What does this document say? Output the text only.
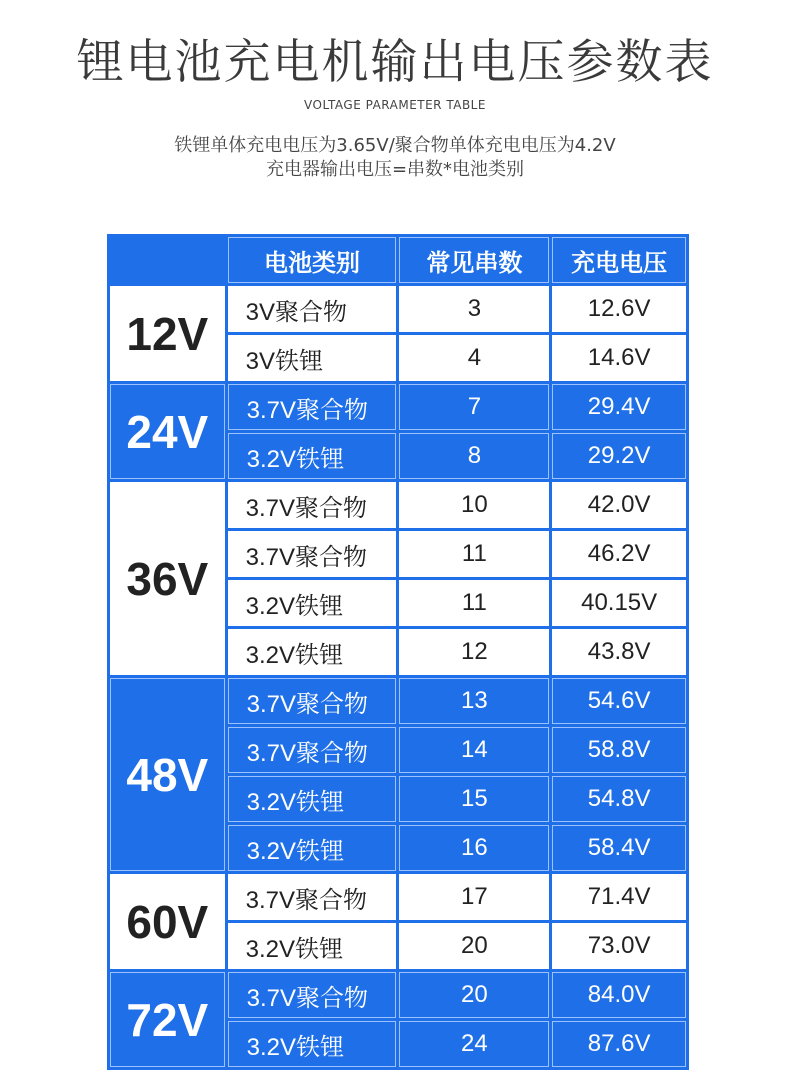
锂电池充电机输出电压参数表
VOLTAGE PARAMETER TABLE
铁锂单体充电电压为3.65V/聚合物单体充电电压为4.2V
充电器输出电压=串数*电池类别
	电池类别	常见串数	充电电压
12V	3V聚合物	3	12.6V
	3V铁锂	4	14.6V
24V	3.7V聚合物	7	29.4V
	3.2V铁锂	8	29.2V
36V	3.7V聚合物	10	42.0V
	3.7V聚合物	11	46.2V
	3.2V铁锂	11	40.15V
	3.2V铁锂	12	43.8V
48V	3.7V聚合物	13	54.6V
	3.7V聚合物	14	58.8V
	3.2V铁锂	15	54.8V
	3.2V铁锂	16	58.4V
60V	3.7V聚合物	17	71.4V
	3.2V铁锂	20	73.0V
72V	3.7V聚合物	20	84.0V
	3.2V铁锂	24	87.6V
